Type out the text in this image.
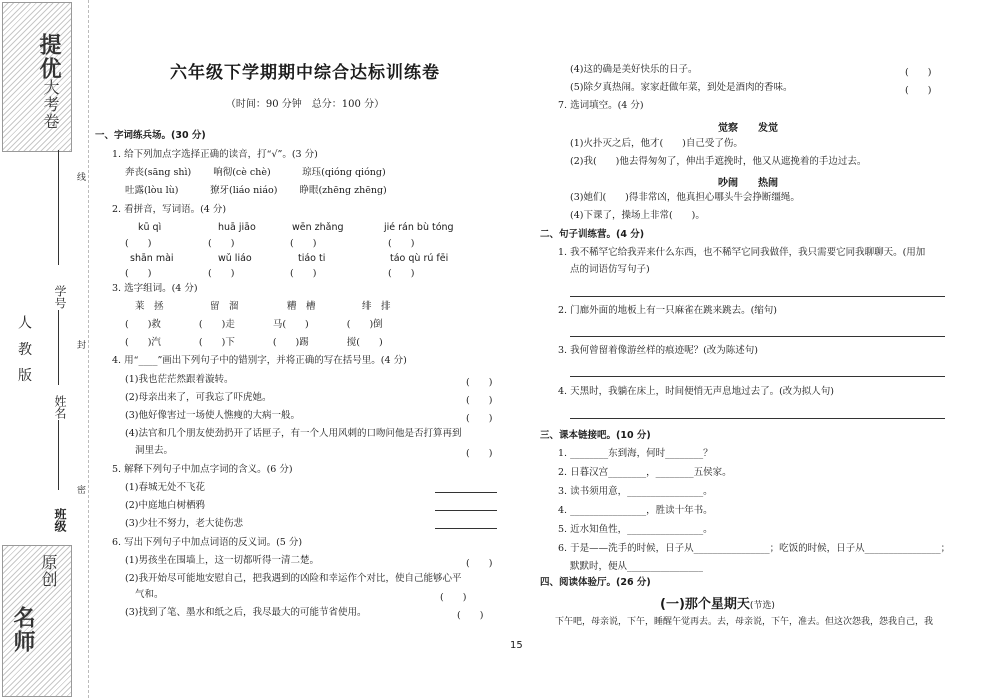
提优
大考卷
人 教 版
姓名
班级
学号
线
封
密
名师
原创
六年级下学期期中综合达标训练卷
（时间：90 分钟　总分：100 分）
一、字词练兵场。(30 分)
1. 给下列加点字选择正确的读音，打“√”。(3 分)
奔丧(sāng shì)　　 响彻(cè chè)　　　 琼珏(qióng qióng)
吐露(lòu lù)　　　 獠牙(liáo niáo)　　 睁眼(zhēng zhēng)
2. 看拼音，写词语。(4 分)
kū qì	huā jiāo	wēn zhǎng	jié rán bù tóng
(　　)	(　　)	(　　)	(　　)
shān mài	wǔ liáo	tiáo ti	táo qù rú fēi
(　　)	(　　)	(　　)	(　　)
3. 选字组词。(4 分)
莱　拯	留　溜	糟　槽	绯　排
(　　)救　　　　(　　)走　　　　马(　　)　　　　(　　)倒
(　　)汽　　　　(　　)下　　　　(　　)踢　　　　搅(　　)
4. 用“____”画出下列句子中的错别字，并将正确的写在括号里。(4 分)
(1)我也茫茫然跟着漩转。	(　　)
(2)母亲出来了，可我忘了吓虎她。	(　　)
(3)他好像害过一场使人憔瘦的大病一般。	(　　)
(4)法官和几个朋友使劲扔开了话匣子，有一个人用风刺的口吻问他是否打算再到
洞里去。	(　　)
5. 解释下列句子中加点字词的含义。(6 分)
(1)春城无处不飞花
(2)中庭地白树栖鸦
(3)少壮不努力，老大徒伤悲
6. 写出下列句子中加点词语的反义词。(5 分)
(1)男孩坐在围墙上，这一切都听得一清二楚。	(　　)
(2)我开始尽可能地安慰自己，把我遇到的凶险和幸运作个对比，使自己能够心平
气和。	(　　)
(3)找到了笔、墨水和纸之后，我尽最大的可能节省使用。	(　　)
(4)这的确是美好快乐的日子。	(　　)
(5)除夕真热闹。家家赶做年菜，到处是酒肉的香味。	(　　)
7. 选词填空。(4 分)
觉察　　发觉
(1)火扑灭之后，他才(　　)自己受了伤。
(2)我(　　)他去得匆匆了，伸出手遮挽时，他又从遮挽着的手边过去。
吵闹　　热闹
(3)她们(　　)得非常凶，他真担心哪头牛会挣断缰绳。
(4)下课了，操场上非常(　　)。
二、句子训练营。(4 分)
1. 我不稀罕它给我弄来什么东西，也不稀罕它同我做伴，我只需要它同我聊聊天。(用加
点的词语仿写句子)
2. 门廊外面的地板上有一只麻雀在跳来跳去。(缩句)
3. 我何曾留着像游丝样的痕迹呢？(改为陈述句)
4. 天黑时，我躺在床上，时间便悄无声息地过去了。(改为拟人句)
三、课本链接吧。(10 分)
1. ________东到海，何时________？
2. 日暮汉宫________，________五侯家。
3. 读书须用意，________________。
4. ________________，胜读十年书。
5. 近水知鱼性，________________。
6. 于是——洗手的时候，日子从________________；吃饭的时候，日子从________________；
默默时，便从________________
四、阅读体验厅。(26 分)
(一)那个星期天(节选)
下午吧，母亲说，下午，睡醒午觉再去。去，母亲说，下午，准去。但这次怨我，怨我自己，我
15
